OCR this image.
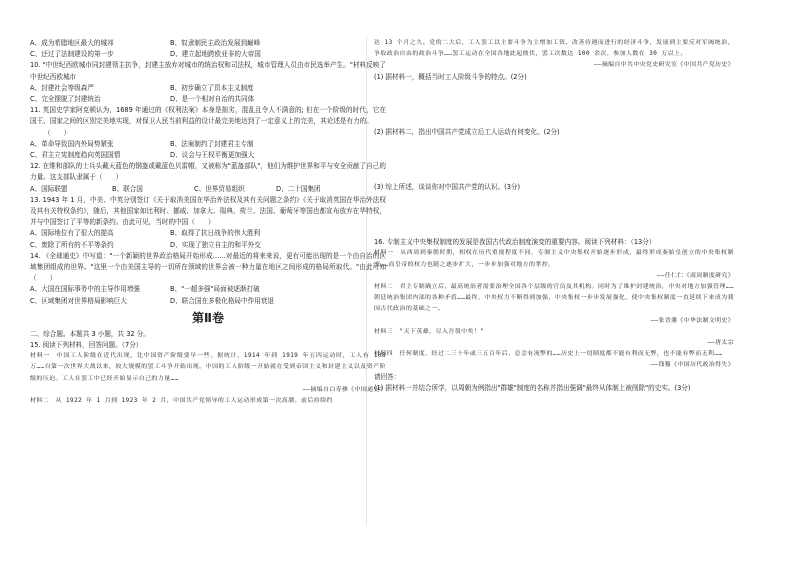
A、成为希腊地区最大的城邦	B、奴隶制民主政治发展到巅峰
C、还过了法制建设的第一步	D、建立起地跨欧亚非的大帝国
10. "中世纪西欧城市同封建领主抗争，封建主放弃对城市的统治权和司法权，城市管理人员由市民选举产生。"材料反映了中世纪西欧城市
A、封建社会等级森严	B、初步确立了资本主义制度
C、完全摆脱了封建统治	D、是一个相对自治的共同体
11. 英国史学家阿克顿认为，1689 年通过的《权利法案》本身是拙劣，混乱且令人不满意的; 但在一个阶级的时代，它在国王、国家之间的区别完美地实现，对保卫人民当前利益的设计最完美地达到了一定意义上的完美，其论述是有力的。
（　　）
A、革命导致国内外局势紧张	B、法案制约了封建君主专制
C、君主立宪制度趋向英国国情	D、议会与王权平衡更加强大
12. 在维和部队的士兵头戴天蓝色的钢盔或戴蓝色贝雷帽，又被称为"蓝盔部队"，他们为维护世界和平与安全贡献了自己的力量。这支部队隶属于（　　）
A、国际联盟	B、联合国	C、世界贸易组织	D、二十国集团
13. 1943 年 1 月，中美、中英分别签订《关于取消美国在华治外法权及其有关问题之条约》《关于取消英国在华治外法权及其有关特权条约》，随后，其他国家如比利时、挪威、加拿大、瑞典、荷兰、法国、葡萄牙等国也都宣布放弃在华特权，并与中国签订了平等的新条约。由此可见，当时的中国（　　）
A、国际地位有了很大的提高	B、取得了抗日战争的伟大胜利
C、废除了所有的不平等条约	D、实现了独立自主的和平外交
14. 《全球通史》中写道："一个新颖的世界政治格局开始形成……对最近的将来来说，更有可能出现的是一个由自治的区域集团组成的世界。"这里一个由美国主导的一切所在领域的世界会被一种力量在地区之间形成的格局所取代。"由此可知（　　）
A、大国在国际事务中的主导作用增强	B、"一超多强"局面被逐渐打破
C、区域集团对世界格局影响巨大	D、联合国在多极化格局中作用衰退
第Ⅱ卷
二、综合题。本题共 3 小题，共 32 分。
15. 阅读下列材料，回答问题。（7分）
材料一　中国工人阶级在近代出现，比中国资产阶级要早一些。据统计，1914 年到 1919 年五四运动时，工人有 108 万……自第一次世界大战以来，较大规模的罢工斗争开始出现。中国的工人阶级一开始就在受到帝国主义和封建主义以及资产阶级的压迫。工人在罢工中已经开始显示自己的力量……
——摘编自白寿彝《中国通史》
材料二　从 1922 年 1 月到 1923 年 2 月，中国共产党领导的工人运动形成第一次高潮。前后持续约
达 13 个月之久。党的二大后，工人罢工以主要斗争为主增加工资、改善待遇而进行的经济斗争，发展到主要反对军阀统治、争取政治自由的政治斗争……罢工运动在全国各地此起彼伏，罢工次数达 100 余次，参加人数在 30 万以上。
——摘编自中共中央党史研究室《中国共产党历史》
(1) 据材料一，概括当时工人阶级斗争的特点。(2分)
(2) 据材料二，指出中国共产党成立后工人运动有何变化。(2分)
(3) 综上所述，谈谈你对中国共产党的认识。(3分)
16. 专制主义中央集权制度的发展是我国古代政治制度演变的重要内容。阅读下列材料：（13分）
材料一　从西周到秦朝时期，相权在历代重视程度不同，专制主义中央集权开始逐步形成，最终形成秦始皇创立的中央集权制度……而皇帝的权力也随之逐步扩大，一步步加强对地方的掌控。
——任仁仁《商周制度研究》
材料二　君主专制确立后，最高统治者需要治理全国各个层级的官员及其机构。同时为了维护封建统治，中央对地方加强管理……朝廷统治集团内部的各种矛盾……最终，中央权力不断得到加强，中央集权一步步发展强化，使中央集权制度一直延续下来成为我国古代政治的基础之一。
——张晋藩《中华法制文明史》
材料三　"天下英雄，尽入吾彀中矣！"
——唐太宗
材料四　任何制度，经过二三十年或三五百年后，总会有流弊的……历史上一切制度都不能有利而无弊，也不能有弊而无利……
——钱穆《中国历代政治得失》
请回答：
(1) 据材料一并结合所学，以周朝为例指出"群雄"制度的名称并指出强调"最终从体制上被削除"的史实。(3分)
